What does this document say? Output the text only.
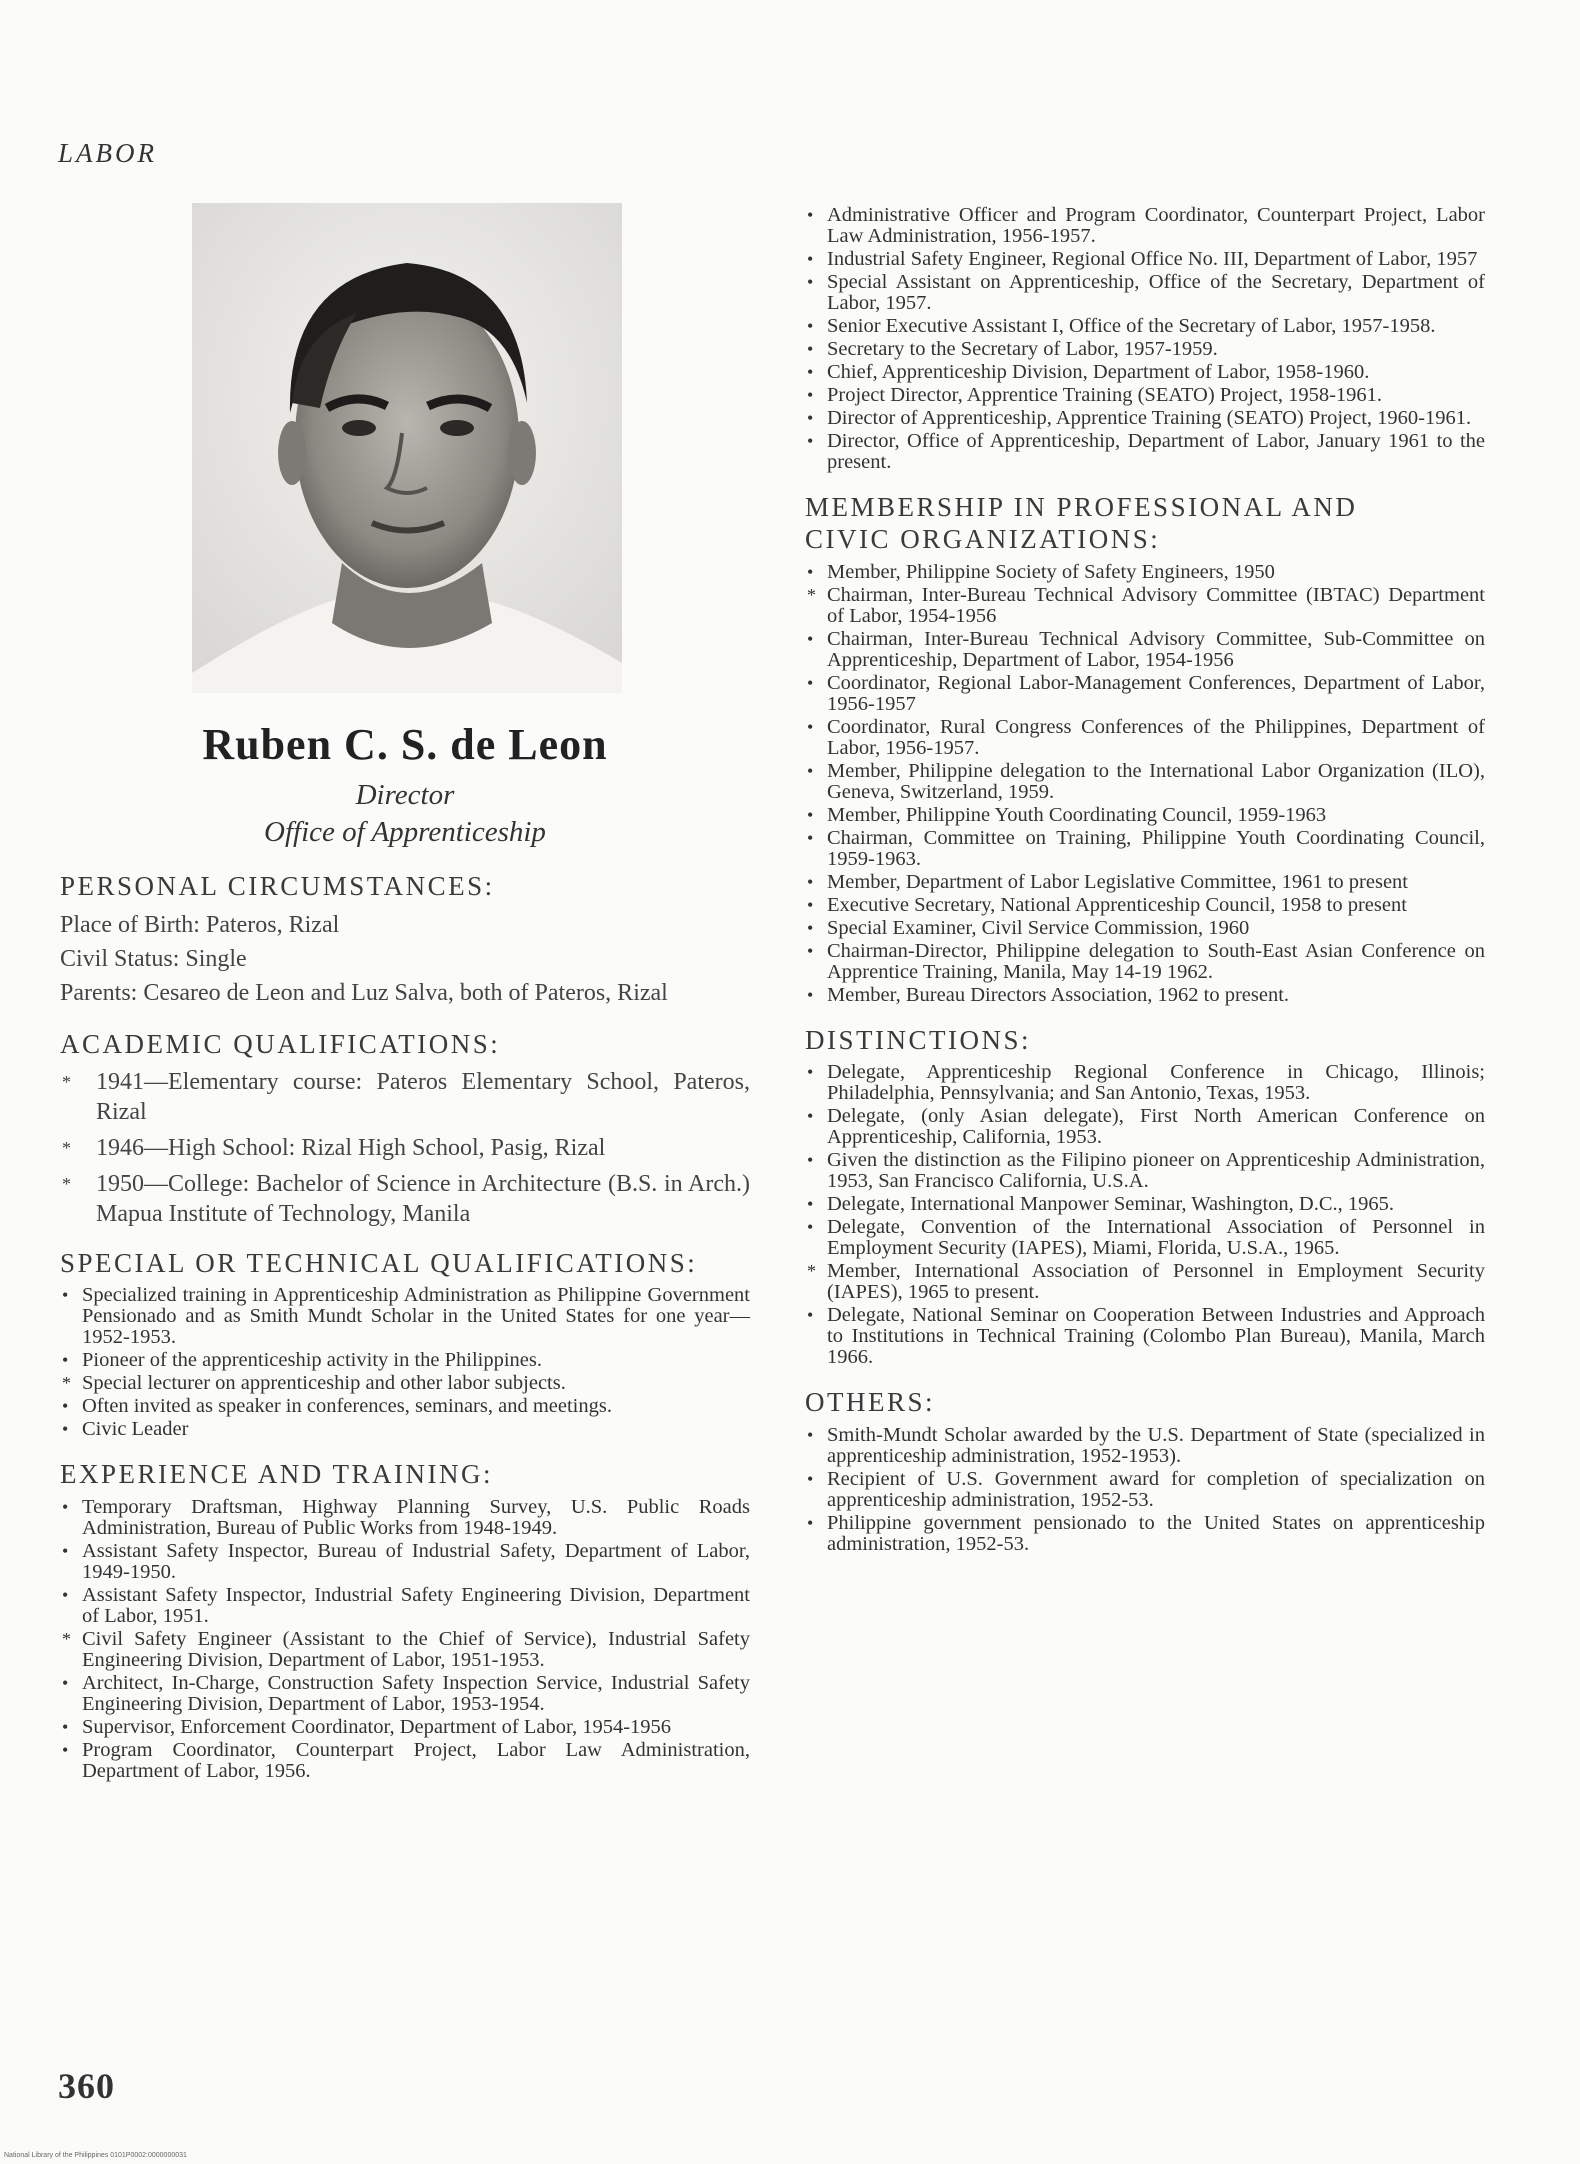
LABOR
Ruben C. S. de Leon
Director
Office of Apprenticeship
PERSONAL CIRCUMSTANCES:
Place of Birth: Pateros, Rizal
Civil Status: Single
Parents: Cesareo de Leon and Luz Salva, both of Pateros, Rizal
ACADEMIC QUALIFICATIONS:
* 1941—Elementary course: Pateros Elementary School, Pateros, Rizal
* 1946—High School: Rizal High School, Pasig, Rizal
* 1950—College: Bachelor of Science in Architecture (B.S. in Arch.) Mapua Institute of Technology, Manila
SPECIAL OR TECHNICAL QUALIFICATIONS:
• Specialized training in Apprenticeship Administration as Philippine Government Pensionado and as Smith Mundt Scholar in the United States for one year—1952-1953.
• Pioneer of the apprenticeship activity in the Philippines.
* Special lecturer on apprenticeship and other labor subjects.
• Often invited as speaker in conferences, seminars, and meetings.
• Civic Leader
EXPERIENCE AND TRAINING:
• Temporary Draftsman, Highway Planning Survey, U.S. Public Roads Administration, Bureau of Public Works from 1948-1949.
• Assistant Safety Inspector, Bureau of Industrial Safety, Department of Labor, 1949-1950.
• Assistant Safety Inspector, Industrial Safety Engineering Division, Department of Labor, 1951.
* Civil Safety Engineer (Assistant to the Chief of Service), Industrial Safety Engineering Division, Department of Labor, 1951-1953.
• Architect, In-Charge, Construction Safety Inspection Service, Industrial Safety Engineering Division, Department of Labor, 1953-1954.
• Supervisor, Enforcement Coordinator, Department of Labor, 1954-1956
• Program Coordinator, Counterpart Project, Labor Law Administration, Department of Labor, 1956.
• Administrative Officer and Program Coordinator, Counterpart Project, Labor Law Administration, 1956-1957.
• Industrial Safety Engineer, Regional Office No. III, Department of Labor, 1957
• Special Assistant on Apprenticeship, Office of the Secretary, Department of Labor, 1957.
• Senior Executive Assistant I, Office of the Secretary of Labor, 1957-1958.
• Secretary to the Secretary of Labor, 1957-1959.
• Chief, Apprenticeship Division, Department of Labor, 1958-1960.
• Project Director, Apprentice Training (SEATO) Project, 1958-1961.
• Director of Apprenticeship, Apprentice Training (SEATO) Project, 1960-1961.
• Director, Office of Apprenticeship, Department of Labor, January 1961 to the present.
MEMBERSHIP IN PROFESSIONAL AND
CIVIC ORGANIZATIONS:
• Member, Philippine Society of Safety Engineers, 1950
* Chairman, Inter-Bureau Technical Advisory Committee (IBTAC) Department of Labor, 1954-1956
• Chairman, Inter-Bureau Technical Advisory Committee, Sub-Committee on Apprenticeship, Department of Labor, 1954-1956
• Coordinator, Regional Labor-Management Conferences, Department of Labor, 1956-1957
• Coordinator, Rural Congress Conferences of the Philippines, Department of Labor, 1956-1957.
• Member, Philippine delegation to the International Labor Organization (ILO), Geneva, Switzerland, 1959.
• Member, Philippine Youth Coordinating Council, 1959-1963
• Chairman, Committee on Training, Philippine Youth Coordinating Council, 1959-1963.
• Member, Department of Labor Legislative Committee, 1961 to present
• Executive Secretary, National Apprenticeship Council, 1958 to present
• Special Examiner, Civil Service Commission, 1960
• Chairman-Director, Philippine delegation to South-East Asian Conference on Apprentice Training, Manila, May 14-19 1962.
• Member, Bureau Directors Association, 1962 to present.
DISTINCTIONS:
• Delegate, Apprenticeship Regional Conference in Chicago, Illinois; Philadelphia, Pennsylvania; and San Antonio, Texas, 1953.
• Delegate, (only Asian delegate), First North American Conference on Apprenticeship, California, 1953.
• Given the distinction as the Filipino pioneer on Apprenticeship Administration, 1953, San Francisco California, U.S.A.
• Delegate, International Manpower Seminar, Washington, D.C., 1965.
• Delegate, Convention of the International Association of Personnel in Employment Security (IAPES), Miami, Florida, U.S.A., 1965.
* Member, International Association of Personnel in Employment Security (IAPES), 1965 to present.
• Delegate, National Seminar on Cooperation Between Industries and Approach to Institutions in Technical Training (Colombo Plan Bureau), Manila, March 1966.
OTHERS:
• Smith-Mundt Scholar awarded by the U.S. Department of State (specialized in apprenticeship administration, 1952-1953).
• Recipient of U.S. Government award for completion of specialization on apprenticeship administration, 1952-53.
• Philippine government pensionado to the United States on apprenticeship administration, 1952-53.
360
National Library of the Philippines 0101P0002:0000000031
